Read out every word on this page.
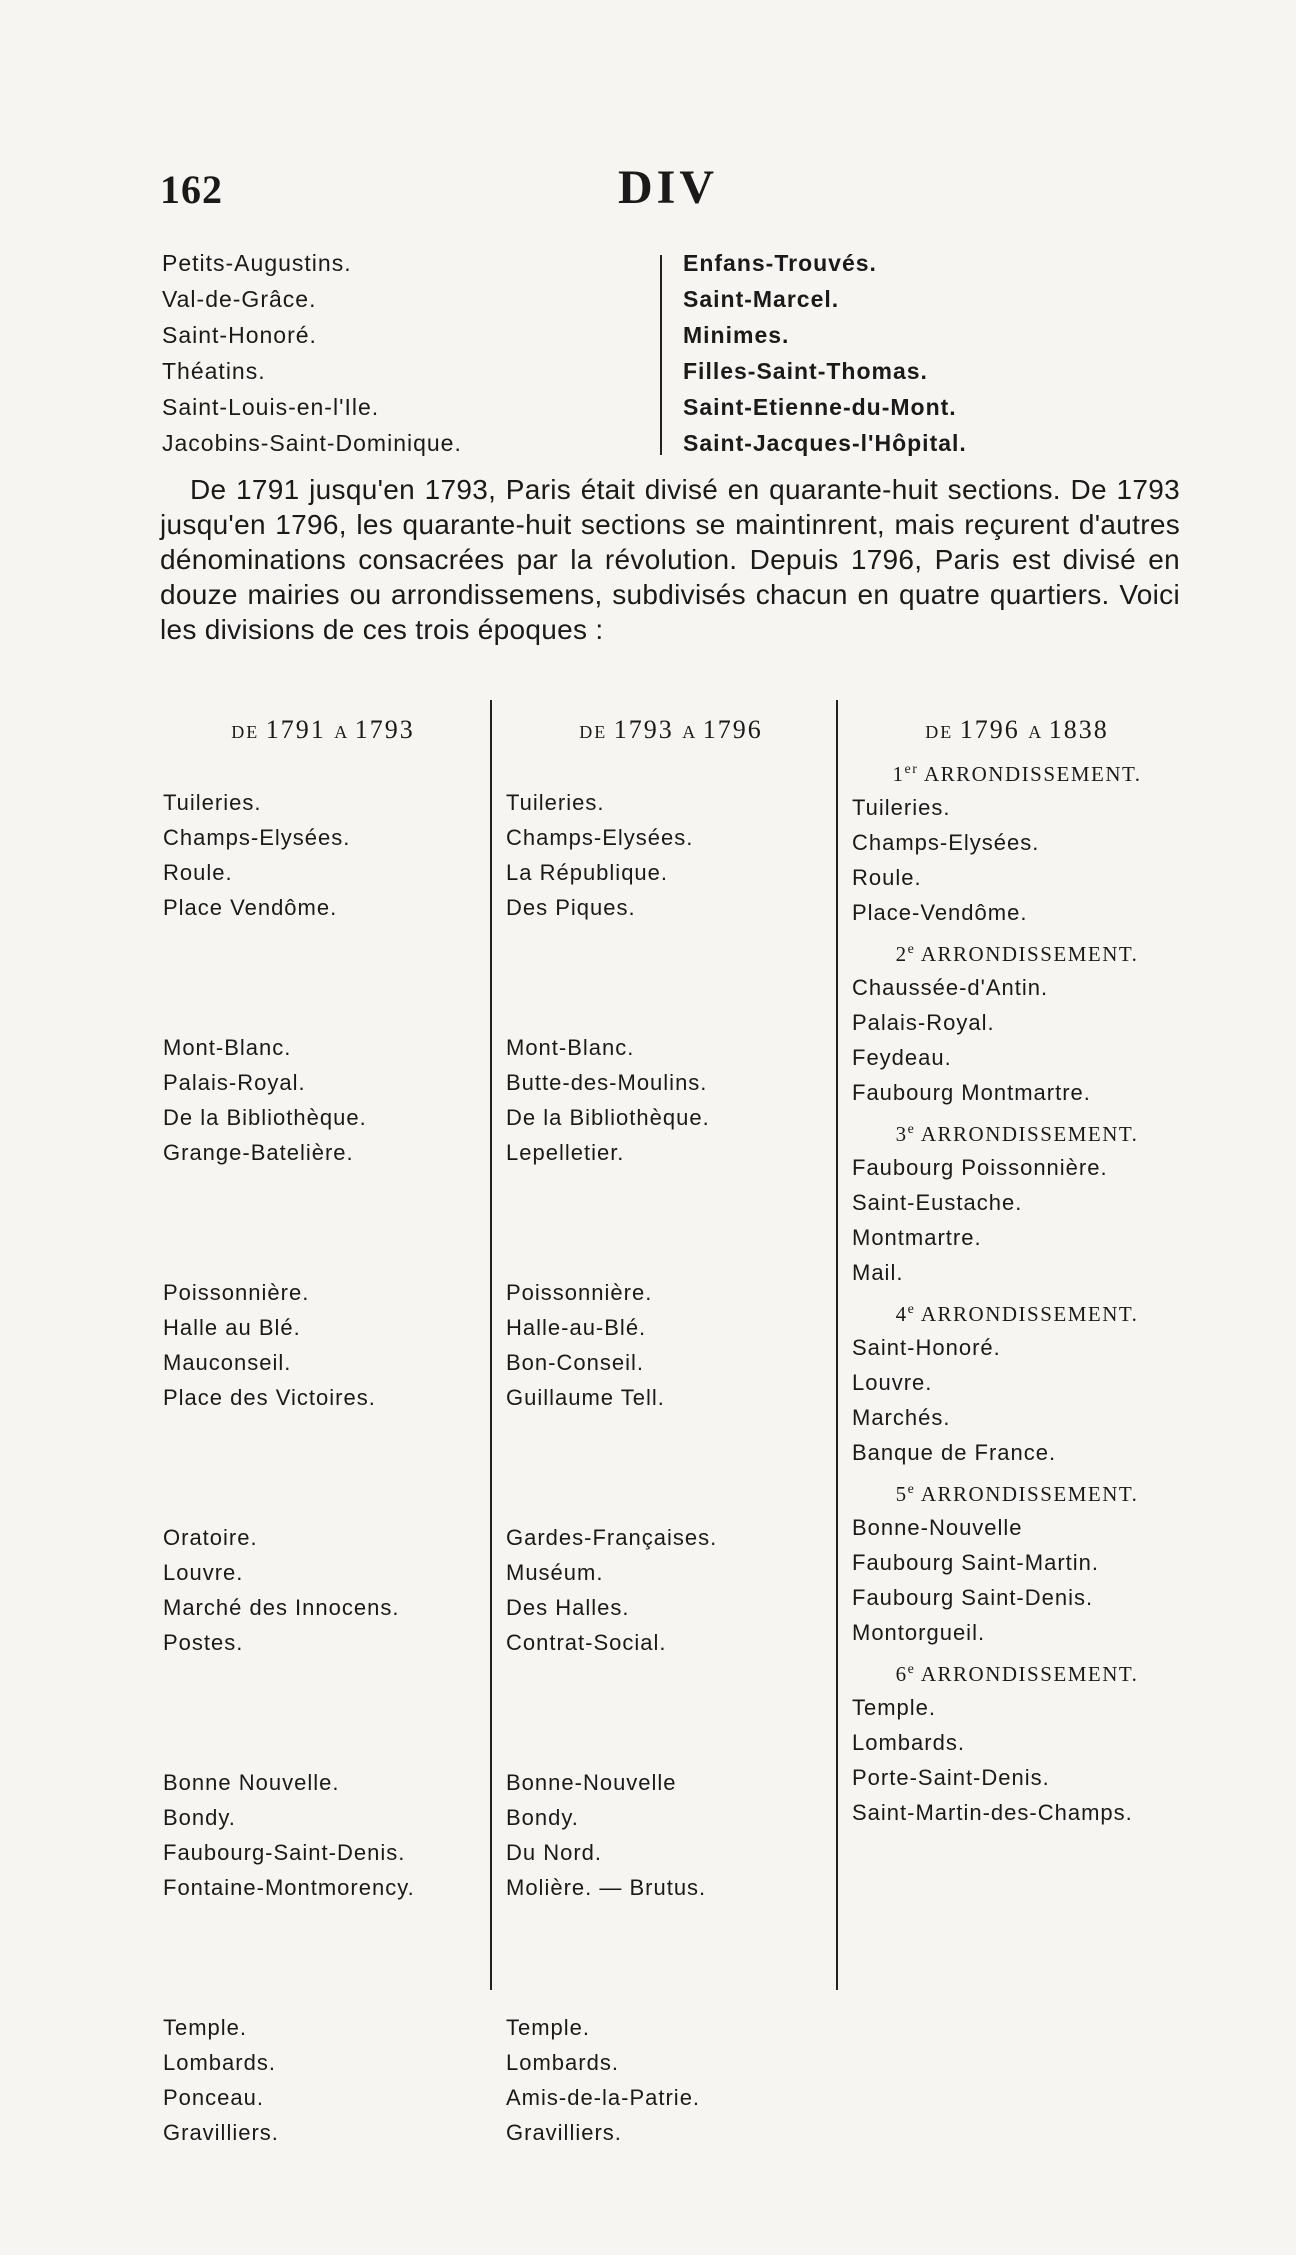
162	DIV
Petits-Augustins.
Val-de-Grâce.
Saint-Honoré.
Théatins.
Saint-Louis-en-l'Ile.
Jacobins-Saint-Dominique.
Enfans-Trouvés.
Saint-Marcel.
Minimes.
Filles-Saint-Thomas.
Saint-Etienne-du-Mont.
Saint-Jacques-l'Hôpital.
De 1791 jusqu'en 1793, Paris était divisé en quarante-huit sections. De 1793 jusqu'en 1796, les quarante-huit sections se maintinrent, mais reçurent d'autres dénominations consacrées par la révolution. Depuis 1796, Paris est divisé en douze mairies ou arrondissemens, subdivisés chacun en quatre quartiers. Voici les divisions de ces trois époques :
DE 1791 A 1793
Tuileries.
Champs-Elysées.
Roule.
Place Vendôme.
Mont-Blanc.
Palais-Royal.
De la Bibliothèque.
Grange-Batelière.
Poissonnière.
Halle au Blé.
Mauconseil.
Place des Victoires.
Oratoire.
Louvre.
Marché des Innocens.
Postes.
Bonne Nouvelle.
Bondy.
Faubourg-Saint-Denis.
Fontaine-Montmorency.
Temple.
Lombards.
Ponceau.
Gravilliers.
DE 1793 A 1796
Tuileries.
Champs-Elysées.
La République.
Des Piques.
Mont-Blanc.
Butte-des-Moulins.
De la Bibliothèque.
Lepelletier.
Poissonnière.
Halle-au-Blé.
Bon-Conseil.
Guillaume Tell.
Gardes-Françaises.
Muséum.
Des Halles.
Contrat-Social.
Bonne-Nouvelle
Bondy.
Du Nord.
Molière. — Brutus.
Temple.
Lombards.
Amis-de-la-Patrie.
Gravilliers.
DE 1796 A 1838
1er ARRONDISSEMENT.
Tuileries.
Champs-Elysées.
Roule.
Place-Vendôme.
2e ARRONDISSEMENT.
Chaussée-d'Antin.
Palais-Royal.
Feydeau.
Faubourg Montmartre.
3e ARRONDISSEMENT.
Faubourg Poissonnière.
Saint-Eustache.
Montmartre.
Mail.
4e ARRONDISSEMENT.
Saint-Honoré.
Louvre.
Marchés.
Banque de France.
5e ARRONDISSEMENT.
Bonne-Nouvelle
Faubourg Saint-Martin.
Faubourg Saint-Denis.
Montorgueil.
6e ARRONDISSEMENT.
Temple.
Lombards.
Porte-Saint-Denis.
Saint-Martin-des-Champs.
